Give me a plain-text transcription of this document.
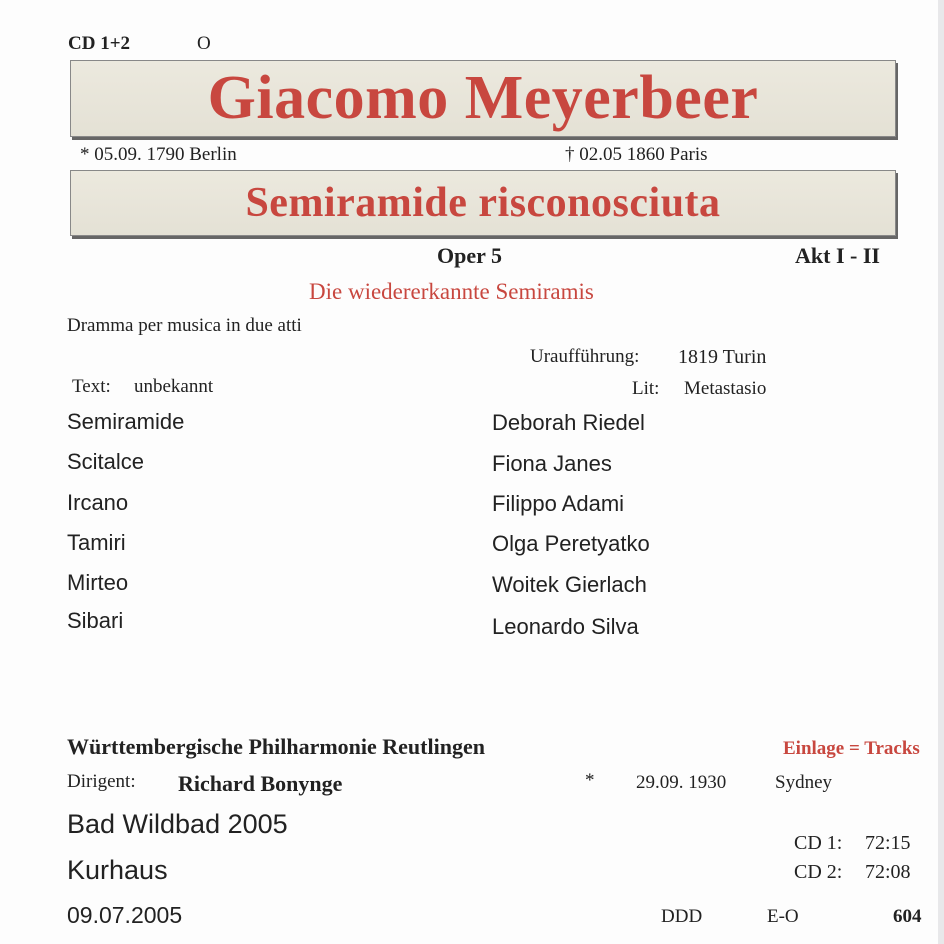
CD 1+2	O
Giacomo Meyerbeer
* 05.09. 1790 Berlin	† 02.05 1860 Paris
Semiramide risconosciuta
Oper 5	Akt I - II
Die wiedererkannte Semiramis
Dramma per musica in due atti
Uraufführung: 1819 Turin
Text: unbekannt	Lit: Metastasio
Semiramide	Deborah Riedel
Scitalce	Fiona Janes
Ircano	Filippo Adami
Tamiri	Olga Peretyatko
Mirteo	Woitek Gierlach
Sibari	Leonardo Silva
Württembergische Philharmonie Reutlingen	Einlage = Tracks
Dirigent: Richard Bonynge	* 29.09. 1930	Sydney
Bad Wildbad 2005
Kurhaus
09.07.2005
CD 1: 72:15
CD 2: 72:08
DDD	E-O	604
